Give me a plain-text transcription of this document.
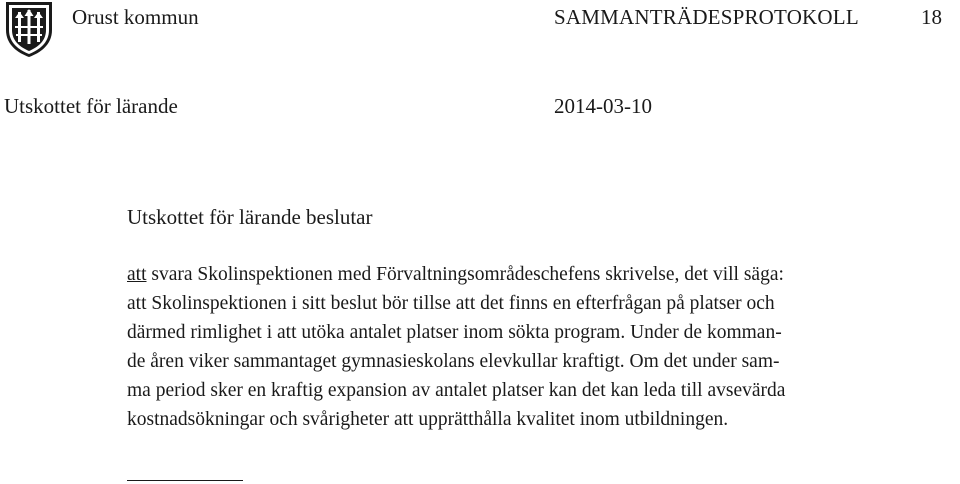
Orust kommun	SAMMANTRÄDESPROTOKOLL	18
Utskottet för lärande	2014-03-10
Utskottet för lärande beslutar
att svara Skolinspektionen med Förvaltningsområdeschefens skrivelse, det vill säga:
att Skolinspektionen i sitt beslut bör tillse att det finns en efterfrågan på platser och
därmed rimlighet i att utöka antalet platser inom sökta program. Under de komman-
de åren viker sammantaget gymnasieskolans elevkullar kraftigt. Om det under sam-
ma period sker en kraftig expansion av antalet platser kan det kan leda till avsevärda
kostnadsökningar och svårigheter att upprätthålla kvalitet inom utbildningen.
